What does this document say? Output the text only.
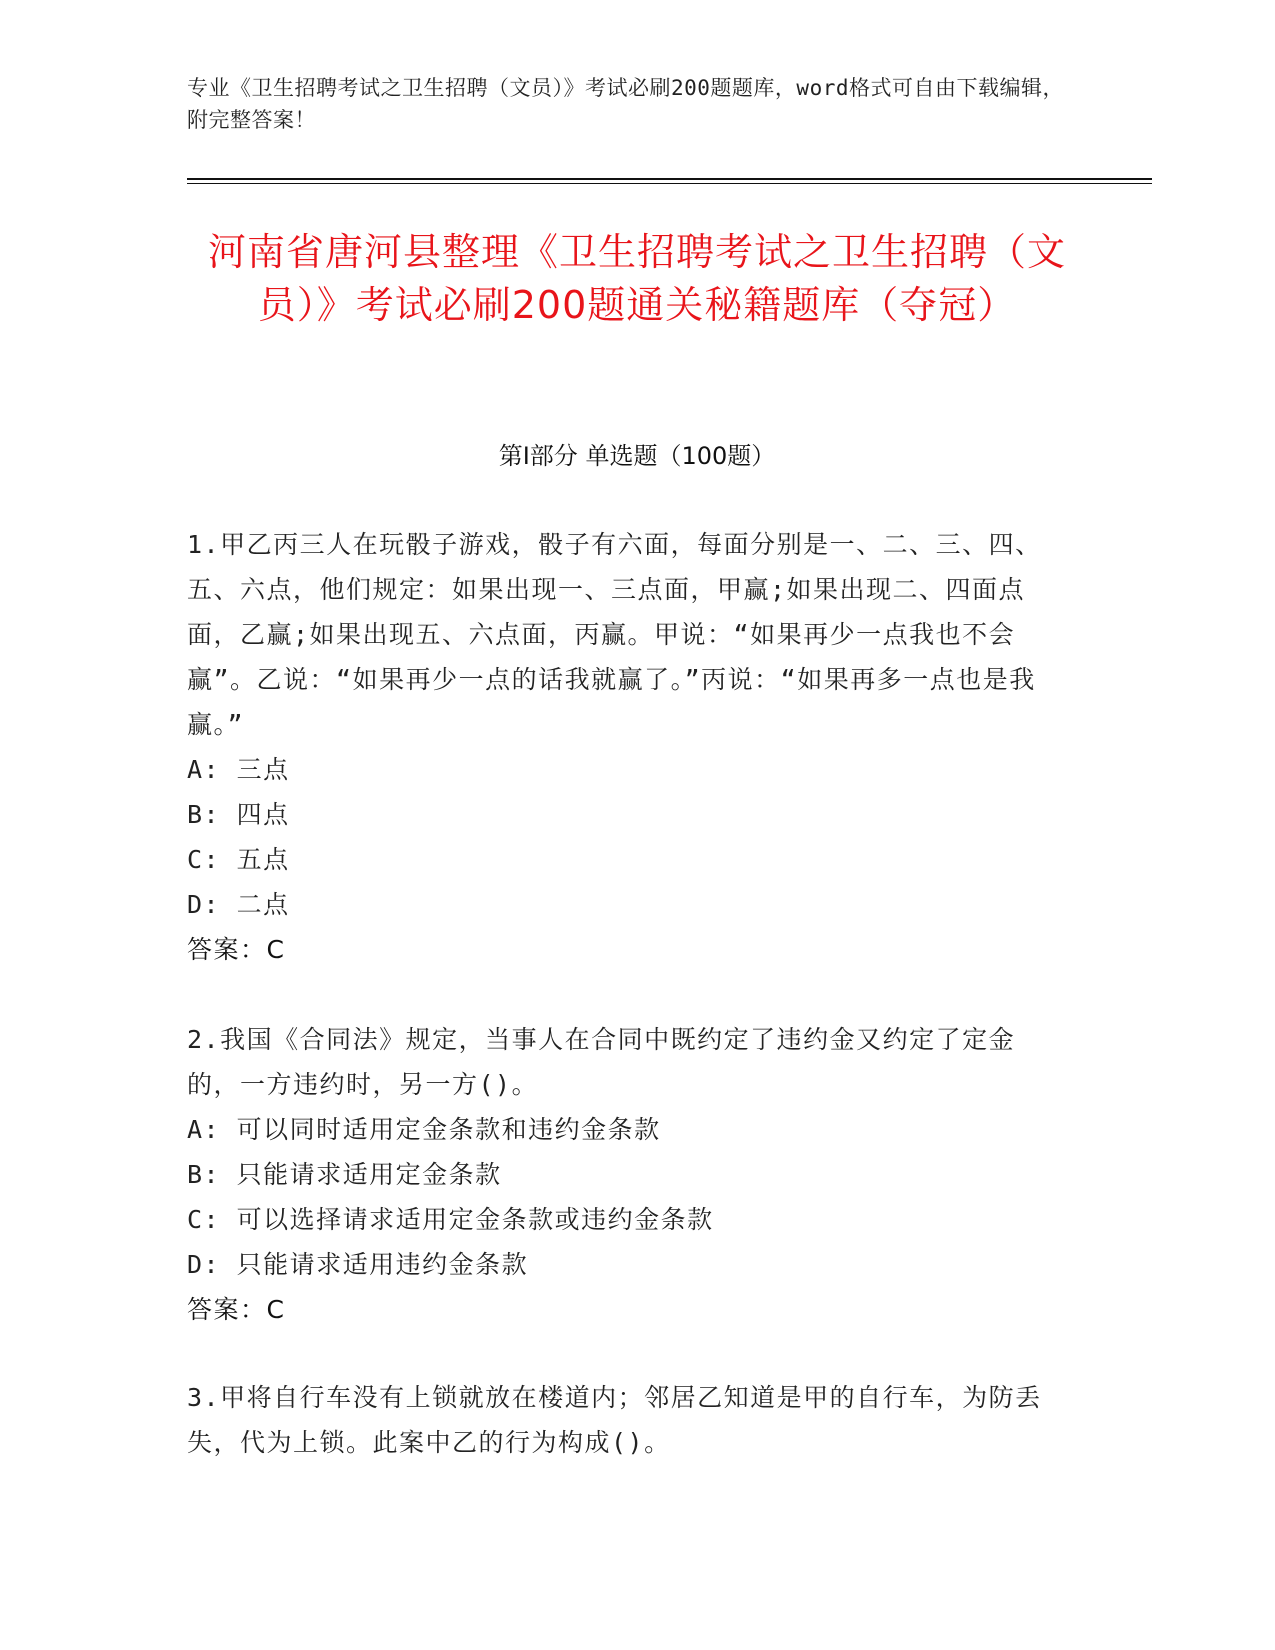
专业《卫生招聘考试之卫生招聘（文员）》考试必刷200题题库，word格式可自由下载编辑，附完整答案！
河南省唐河县整理《卫生招聘考试之卫生招聘（文员）》考试必刷200题通关秘籍题库（夺冠）
第I部分 单选题（100题）

1.甲乙丙三人在玩骰子游戏，骰子有六面，每面分别是一、二、三、四、五、六点，他们规定：如果出现一、三点面，甲赢;如果出现二、四面点面，乙赢;如果出现五、六点面，丙赢。甲说：“如果再少一点我也不会赢”。乙说：“如果再少一点的话我就赢了。”丙说：“如果再多一点也是我赢。”

A: 三点

B: 四点

C: 五点

D: 二点

答案：C

2.我国《合同法》规定，当事人在合同中既约定了违约金又约定了定金的，一方违约时，另一方()。

A: 可以同时适用定金条款和违约金条款

B: 只能请求适用定金条款

C: 可以选择请求适用定金条款或违约金条款

D: 只能请求适用违约金条款

答案：C

3.甲将自行车没有上锁就放在楼道内；邻居乙知道是甲的自行车，为防丢失，代为上锁。此案中乙的行为构成()。
